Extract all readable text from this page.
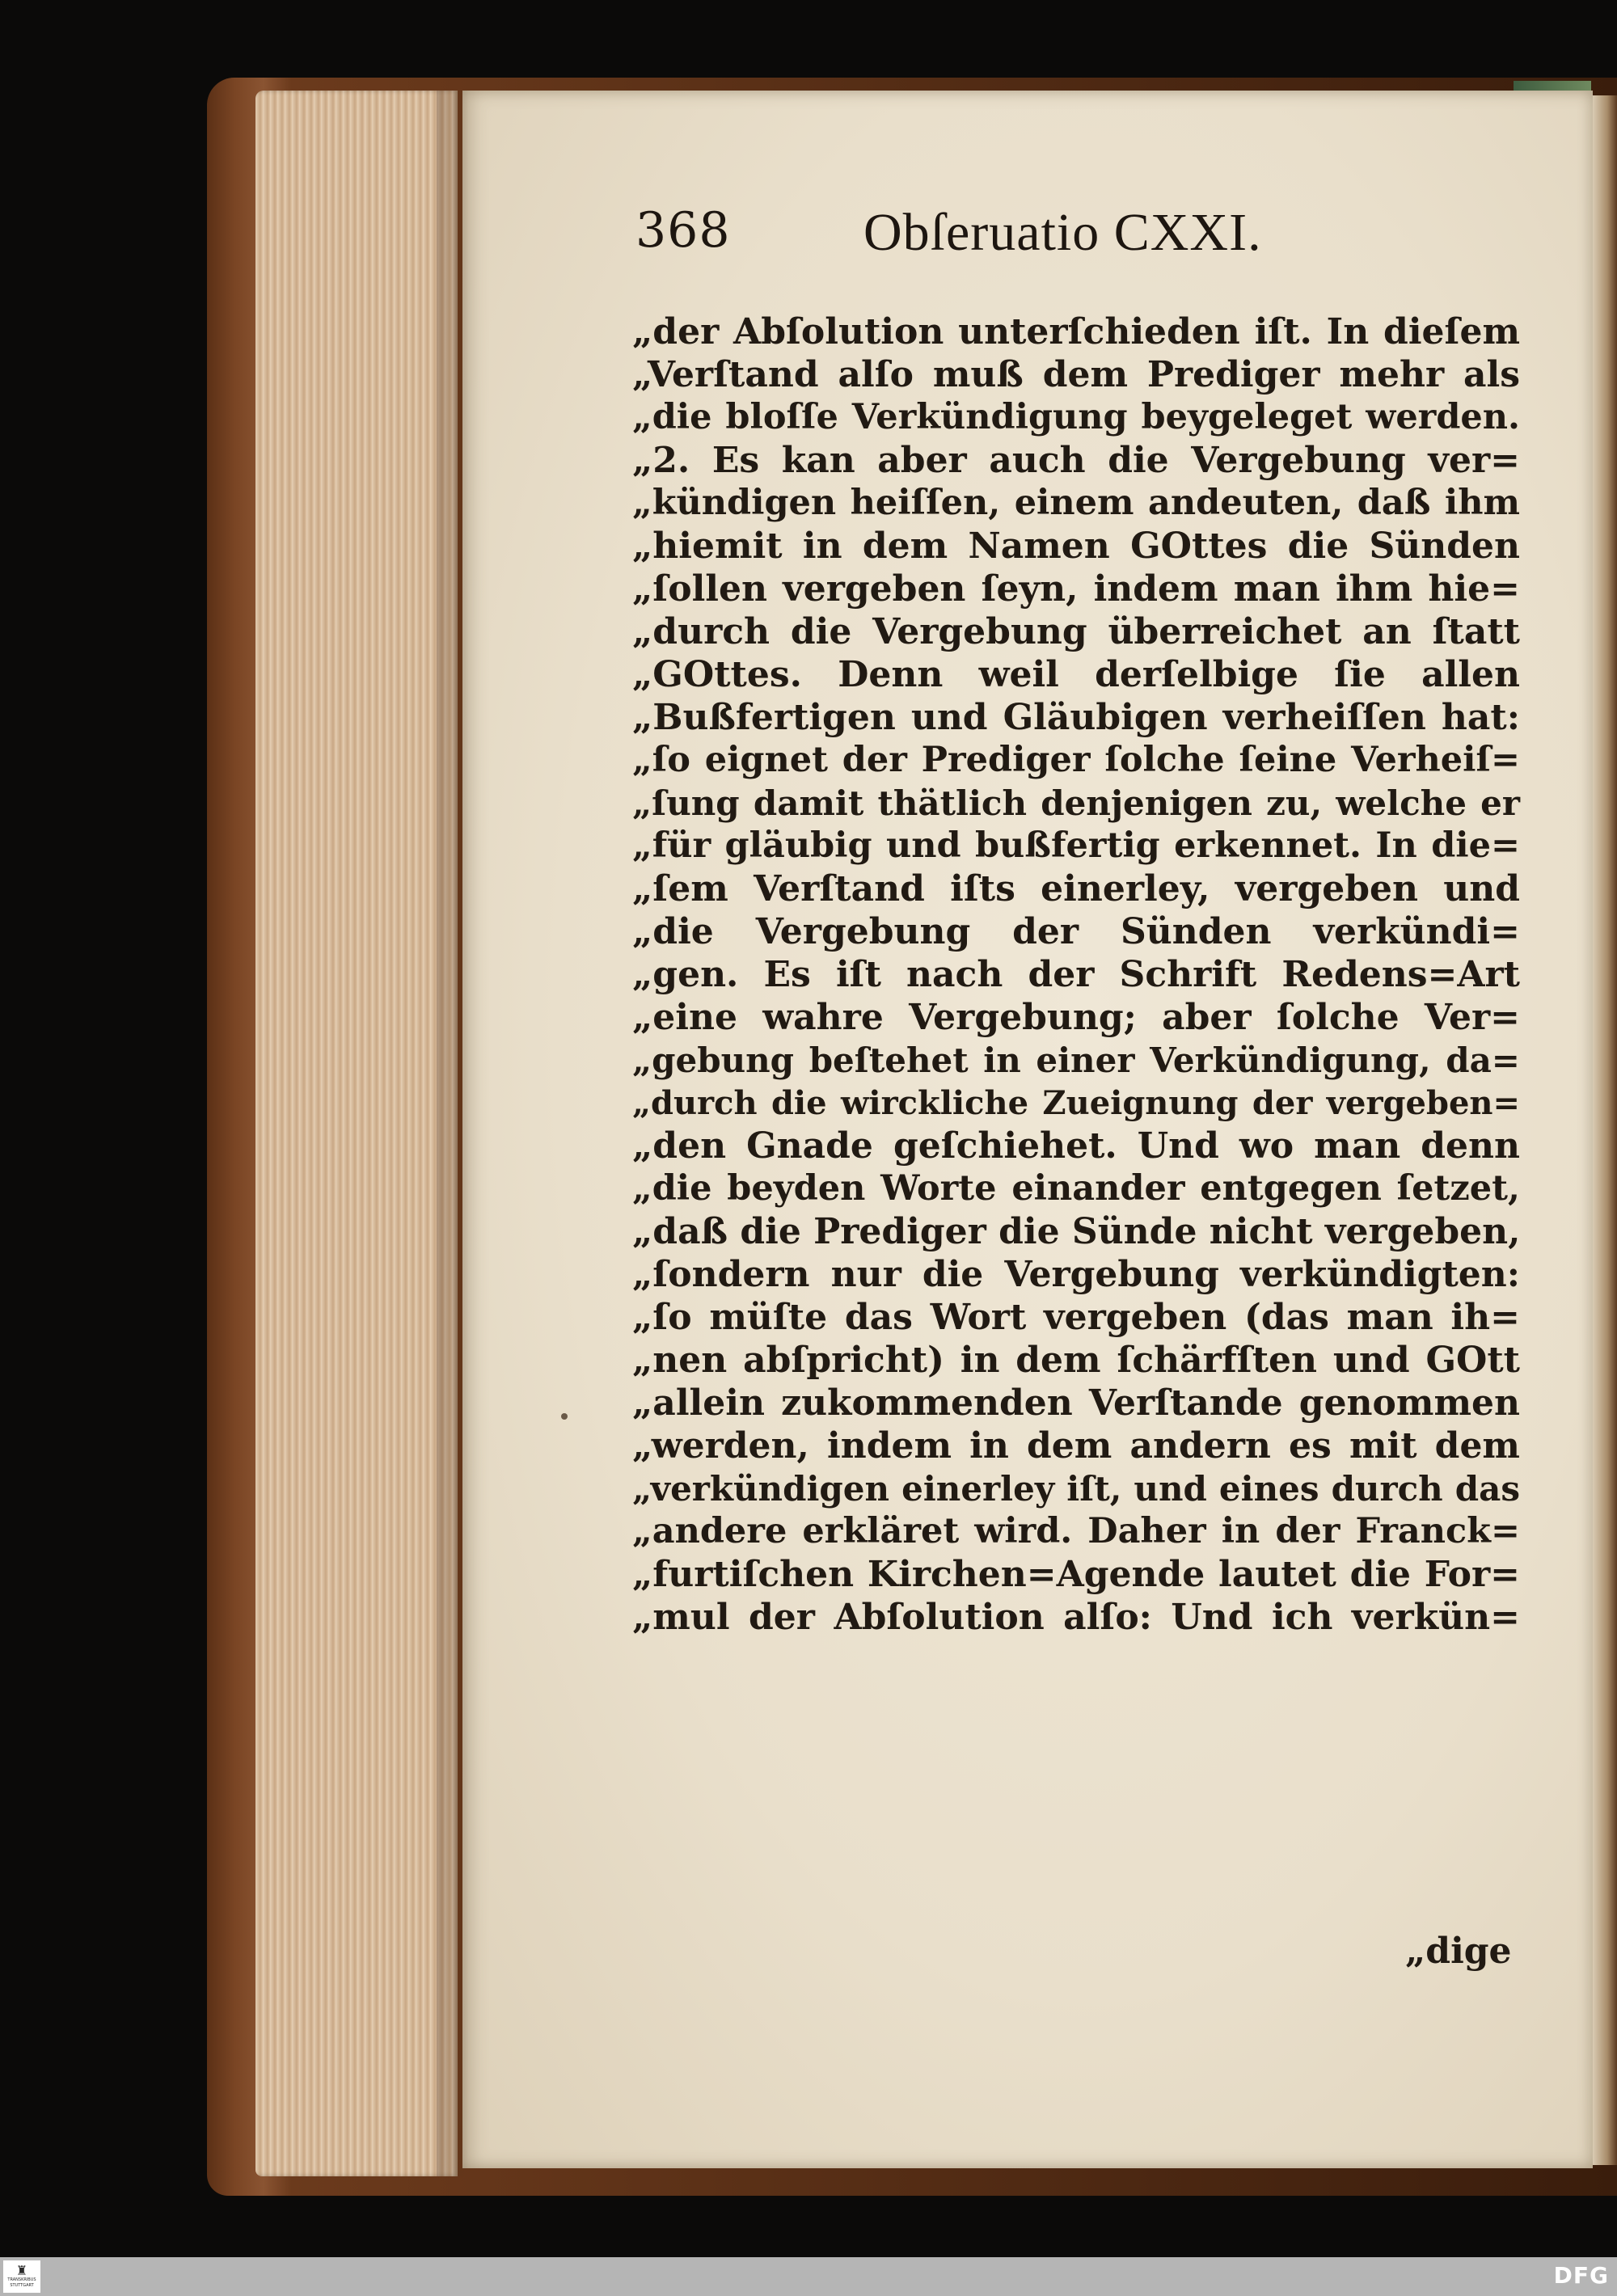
368 Obſeruatio CXXI.
„der Abſolution unterſchieden iſt. In dieſem
„Verſtand alſo muß dem Prediger mehr als
„die bloſſe Verkündigung beygeleget werden.
„2. Es kan aber auch die Vergebung ver=
„kündigen heiſſen, einem andeuten, daß ihm
„hiemit in dem Namen GOttes die Sünden
„ſollen vergeben ſeyn, indem man ihm hie=
„durch die Vergebung überreichet an ſtatt
„GOttes. Denn weil derſelbige ſie allen
„Bußfertigen und Gläubigen verheiſſen hat:
„ſo eignet der Prediger ſolche ſeine Verheiſ=
„ſung damit thätlich denjenigen zu, welche er
„für gläubig und bußfertig erkennet. In die=
„ſem Verſtand iſts einerley, vergeben und
„die Vergebung der Sünden verkündi=
„gen. Es iſt nach der Schrift Redens=Art
„eine wahre Vergebung; aber ſolche Ver=
„gebung beſtehet in einer Verkündigung, da=
„durch die wirckliche Zueignung der vergeben=
„den Gnade geſchiehet. Und wo man denn
„die beyden Worte einander entgegen ſetzet,
„daß die Prediger die Sünde nicht vergeben,
„ſondern nur die Vergebung verkündigten:
„ſo müſte das Wort vergeben (das man ih=
„nen abſpricht) in dem ſchärfſten und GOtt
„allein zukommenden Verſtande genommen
„werden, indem in dem andern es mit dem
„verkündigen einerley iſt, und eines durch das
„andere erkläret wird. Daher in der Franck=
„furtiſchen Kirchen=Agende lautet die For=
„mul der Abſolution alſo: Und ich verkün=
„dige
♜
TRANSKRIBUS STUTTGART	DFG
